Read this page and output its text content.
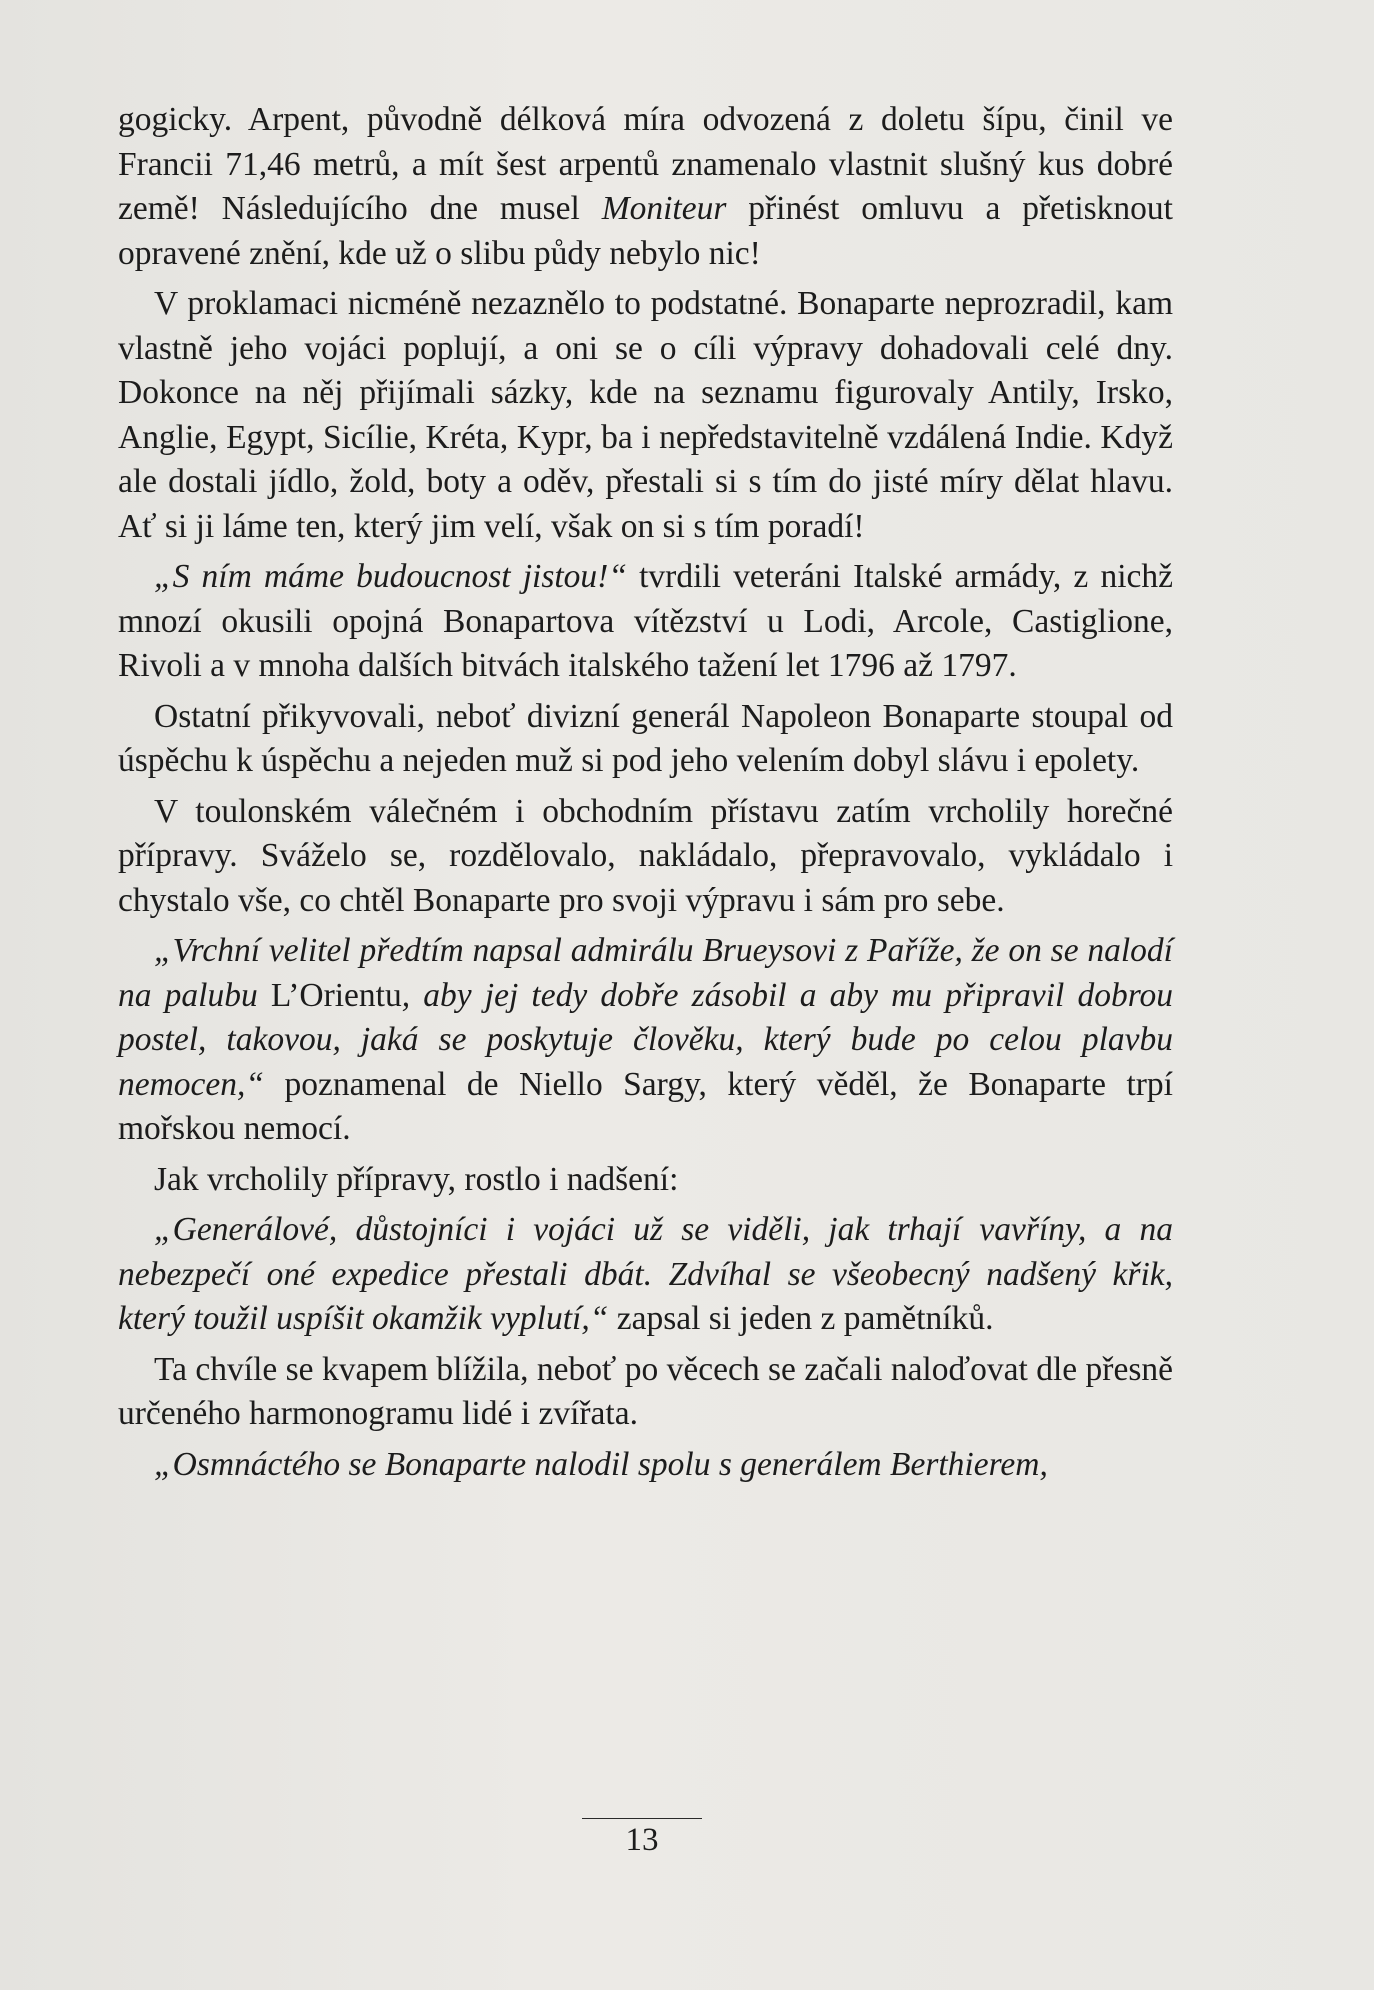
gogicky. Arpent, původně délková míra odvozená z doletu šípu, činil ve Francii 71,46 metrů, a mít šest arpentů znamenalo vlastnit slušný kus dobré země! Následujícího dne musel Moniteur přinést omluvu a přetisknout opravené znění, kde už o slibu půdy nebylo nic!

V proklamaci nicméně nezaznělo to podstatné. Bonaparte neprozradil, kam vlastně jeho vojáci poplují, a oni se o cíli výpravy dohadovali celé dny. Dokonce na něj přijímali sázky, kde na seznamu figurovaly Antily, Irsko, Anglie, Egypt, Sicílie, Kréta, Kypr, ba i nepředstavitelně vzdálená Indie. Když ale dostali jídlo, žold, boty a oděv, přestali si s tím do jisté míry dělat hlavu. Ať si ji láme ten, který jim velí, však on si s tím poradí!

„S ním máme budoucnost jistou!“ tvrdili veteráni Italské armády, z nichž mnozí okusili opojná Bonapartova vítězství u Lodi, Arcole, Castiglione, Rivoli a v mnoha dalších bitvách italského tažení let 1796 až 1797.

Ostatní přikyvovali, neboť divizní generál Napoleon Bonaparte stoupal od úspěchu k úspěchu a nejeden muž si pod jeho velením dobyl slávu i epolety.

V toulonském válečném i obchodním přístavu zatím vrcholily horečné přípravy. Sváželo se, rozdělovalo, nakládalo, přepravovalo, vykládalo i chystalo vše, co chtěl Bonaparte pro svoji výpravu i sám pro sebe.

„Vrchní velitel předtím napsal admirálu Brueysovi z Paříže, že on se nalodí na palubu L’Orientu, aby jej tedy dobře zásobil a aby mu připravil dobrou postel, takovou, jaká se poskytuje člověku, který bude po celou plavbu nemocen,“ poznamenal de Niello Sargy, který věděl, že Bonaparte trpí mořskou nemocí.

Jak vrcholily přípravy, rostlo i nadšení:

„Generálové, důstojníci i vojáci už se viděli, jak trhají vavříny, a na nebezpečí oné expedice přestali dbát. Zdvíhal se všeobecný nadšený křik, který toužil uspíšit okamžik vyplutí,“ zapsal si jeden z pamětníků.

Ta chvíle se kvapem blížila, neboť po věcech se začali naloďovat dle přesně určeného harmonogramu lidé i zvířata.

„Osmnáctého se Bonaparte nalodil spolu s generálem Berthierem,

13
